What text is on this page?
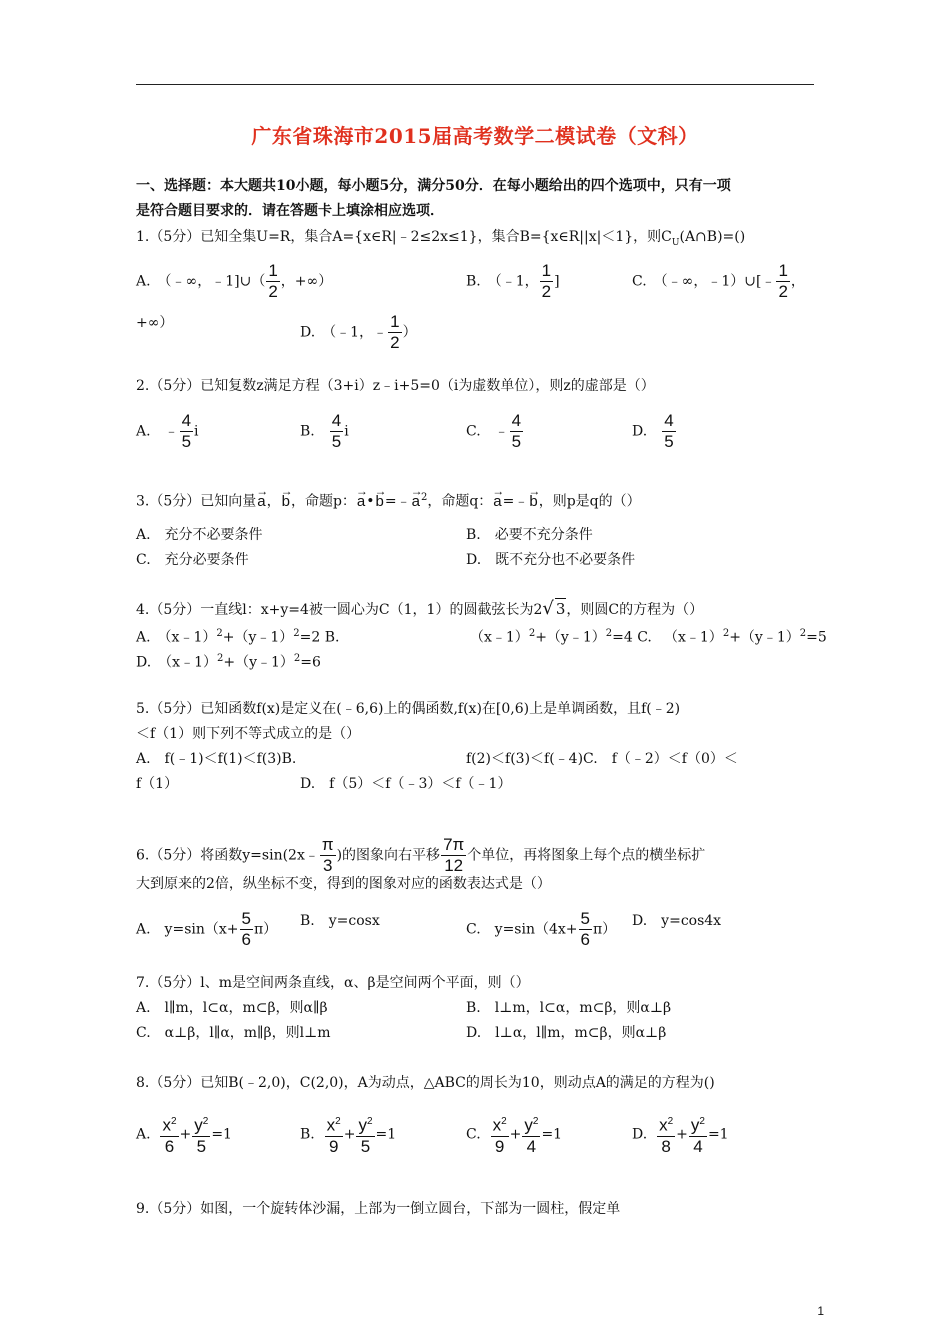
广东省珠海市2015届高考数学二模试卷（文科）
一、选择题：本大题共10小题，每小题5分，满分50分．在每小题给出的四个选项中，只有一项
是符合题目要求的．请在答题卡上填涂相应选项．
1.（5分）已知全集U=R，集合A={x∈R|﹣2≤2x≤1}，集合B={x∈R||x|＜1}，则$C_U(A\cap B)=()$
A.　（﹣∞，﹣1]∪（ $\frac{1}{2}$ ，+∞）	B.　（﹣1， $\frac{1}{2}$ ]	C.　（﹣∞，﹣1）∪[﹣ $\frac{1}{2}$ ，
+∞）
D.　（﹣1，﹣ $\frac{1}{2}$ ）
2.（5分）已知复数z满足方程（3+i）z﹣i+5=0（i为虚数单位），则z的虚部是（）
A.　﹣ $\frac{4}{5}$ i	B.　 $\frac{4}{5}$ i	C.　﹣ $\frac{4}{5}$	D.　 $\frac{4}{5}$
3.（5分）已知向量→ a，→ b，命题p：→ a•→ b=﹣→ $a^2$，命题q：→ a=﹣→ b，则p是q的（）
A.　充分不必要条件	B.　必要不充分条件
C.　充分必要条件	D.　既不充分也不必要条件
4.（5分）一直线l：x+y=4被一圆心为C（1，1）的圆截弦长为2√ 3，则圆C的方程为（）
A.　（x﹣1）$^2$+（y﹣1）$^2$=2 B.	（x﹣1）$^2$+（y﹣1）$^2$=4 C. （x﹣1）$^2$+（y﹣1）$^2$=5
D.　（x﹣1）$^2$+（y﹣1）$^2$=6
5.（5分）已知函数f(x)是定义在(﹣6,6)上的偶函数,f(x)在[0,6)上是单调函数，且f(﹣2)
＜f（1）则下列不等式成立的是（）
A.　f(﹣1)＜f(1)＜f(3)B.	f(2)＜f(3)＜f(﹣4)C.　f（﹣2）＜f（0）＜
f（1）	D.　f（5）＜f（﹣3）＜f（﹣1）
6.（5分）将函数y=sin(2x﹣ $\frac{\pi}{3}$ )的图象向右平移 $\frac{7\pi}{12}$ 个单位，再将图象上每个点的横坐标扩
大到原来的2倍，纵坐标不变，得到的图象对应的函数表达式是（）
A.　$y=\sin(x+ \frac{5}{6} \pi)$
B.　y=cosx
C.　$y=\sin(4x+ \frac{5}{6} \pi)$
D.　y=cos4x
7.（5分）l、m是空间两条直线，α、β是空间两个平面，则（）
A.　l∥m，l⊂α，m⊂β，则α∥β	B.　l⊥m，l⊂α，m⊂β，则α⊥β
C.　α⊥β，l∥α，m∥β，则l⊥m	D.　l⊥α，l∥m，m⊂β，则α⊥β
8.（5分）已知B(﹣2,0)，C(2,0)，A为动点，△ABC的周长为10，则动点A的满足的方程为()
A. $\frac{x^2}{6} + \frac{y^2}{5} =1$	B. $\frac{x^2}{9} + \frac{y^2}{5} =1$	C. $\frac{x^2}{9} + \frac{y^2}{4} =1$	D. $\frac{x^2}{8} + \frac{y^2}{4} =1$
9.（5分）如图，一个旋转体沙漏，上部为一倒立圆台，下部为一圆柱，假定单
1
